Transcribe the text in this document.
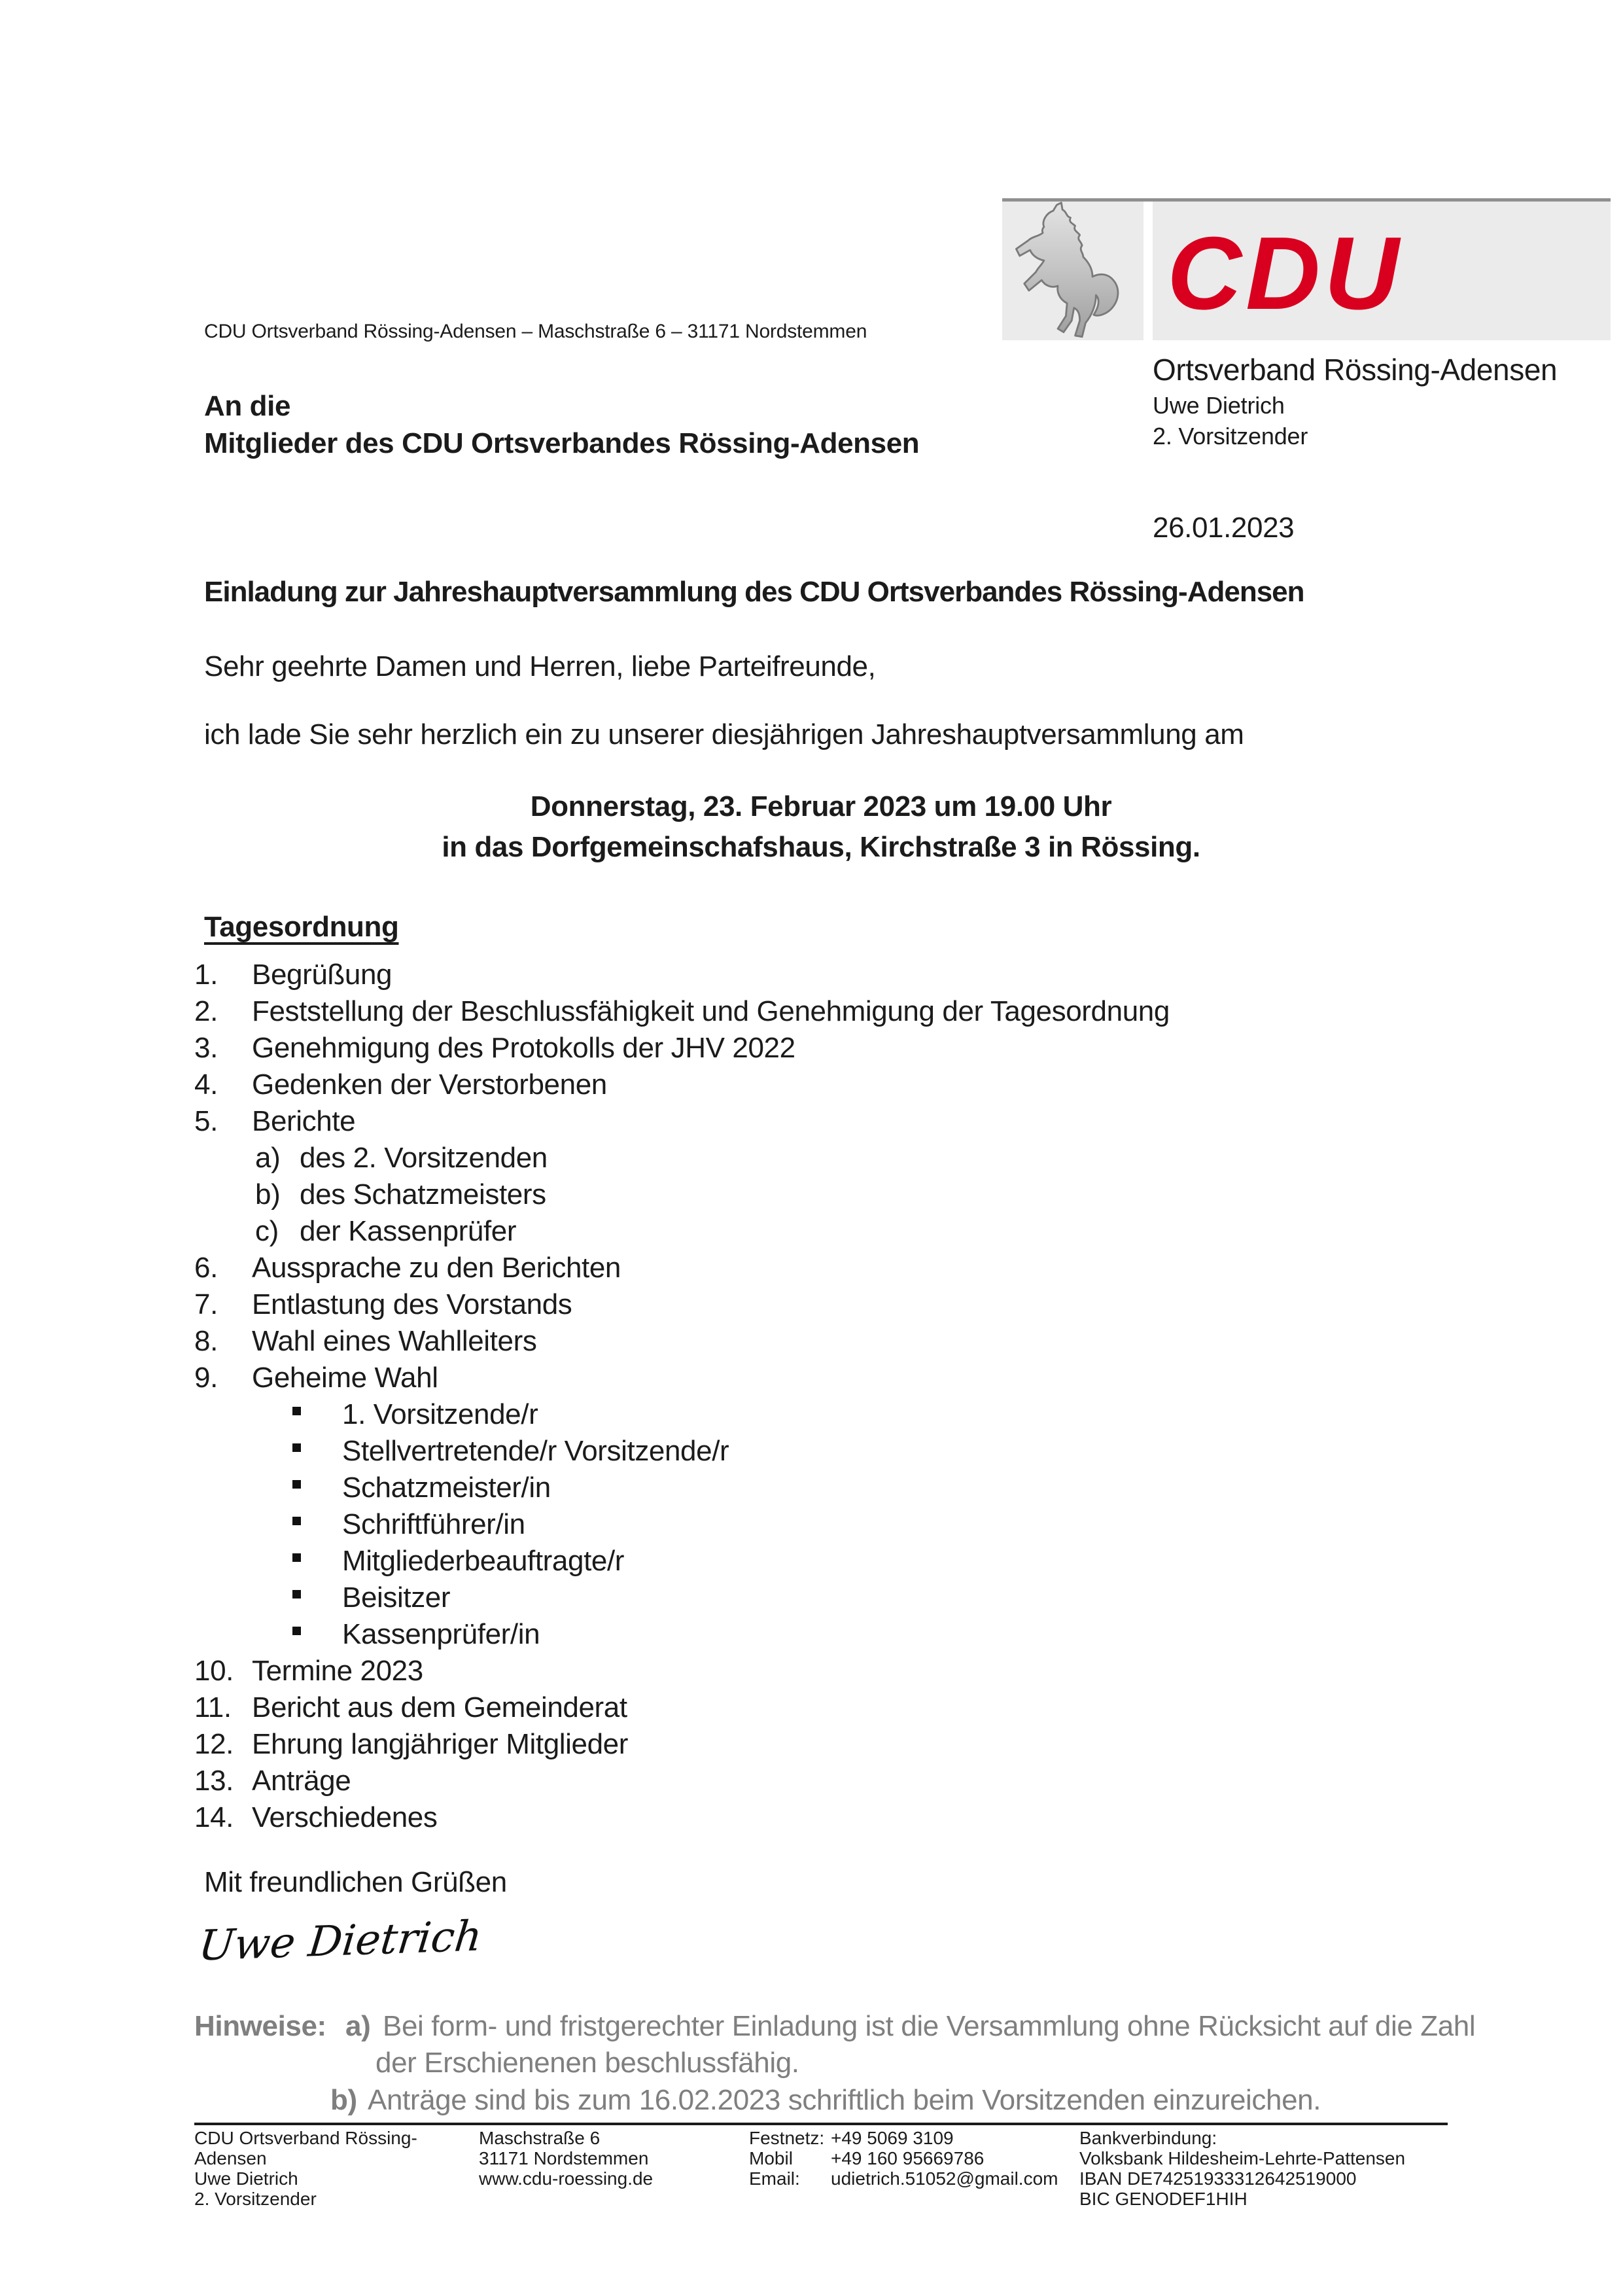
CDU
Ortsverband Rössing-Adensen
Uwe Dietrich
2. Vorsitzender
CDU Ortsverband Rössing-Adensen – Maschstraße 6 – 31171 Nordstemmen
An die
Mitglieder des CDU Ortsverbandes Rössing-Adensen
26.01.2023
Einladung zur Jahreshauptversammlung des CDU Ortsverbandes Rössing-Adensen
Sehr geehrte Damen und Herren, liebe Parteifreunde,
ich lade Sie sehr herzlich ein zu unserer diesjährigen Jahreshauptversammlung am
Donnerstag, 23. Februar 2023 um 19.00 Uhr
in das Dorfgemeinschafshaus, Kirchstraße 3 in Rössing.
Tagesordnung
1. Begrüßung
2. Feststellung der Beschlussfähigkeit und Genehmigung der Tagesordnung
3. Genehmigung des Protokolls der JHV 2022
4. Gedenken der Verstorbenen
5. Berichte
a) des 2. Vorsitzenden
b) des Schatzmeisters
c) der Kassenprüfer
6. Aussprache zu den Berichten
7. Entlastung des Vorstands
8. Wahl eines Wahlleiters
9. Geheime Wahl
1. Vorsitzende/r
Stellvertretende/r Vorsitzende/r
Schatzmeister/in
Schriftführer/in
Mitgliederbeauftragte/r
Beisitzer
Kassenprüfer/in
10. Termine 2023
11. Bericht aus dem Gemeinderat
12. Ehrung langjähriger Mitglieder
13. Anträge
14. Verschiedenes
Mit freundlichen Grüßen
Uwe Dietrich
Hinweise: a) Bei form- und fristgerechter Einladung ist die Versammlung ohne Rücksicht auf die Zahl
der Erschienenen beschlussfähig.
b) Anträge sind bis zum 16.02.2023 schriftlich beim Vorsitzenden einzureichen.
CDU Ortsverband Rössing-
Adensen
Uwe Dietrich
2. Vorsitzender
Maschstraße 6
31171 Nordstemmen
www.cdu-roessing.de
Festnetz: +49 5069 3109
Mobil +49 160 95669786
Email: udietrich.51052@gmail.com
Bankverbindung:
Volksbank Hildesheim-Lehrte-Pattensen
IBAN DE74251933312642519000
BIC GENODEF1HIH
